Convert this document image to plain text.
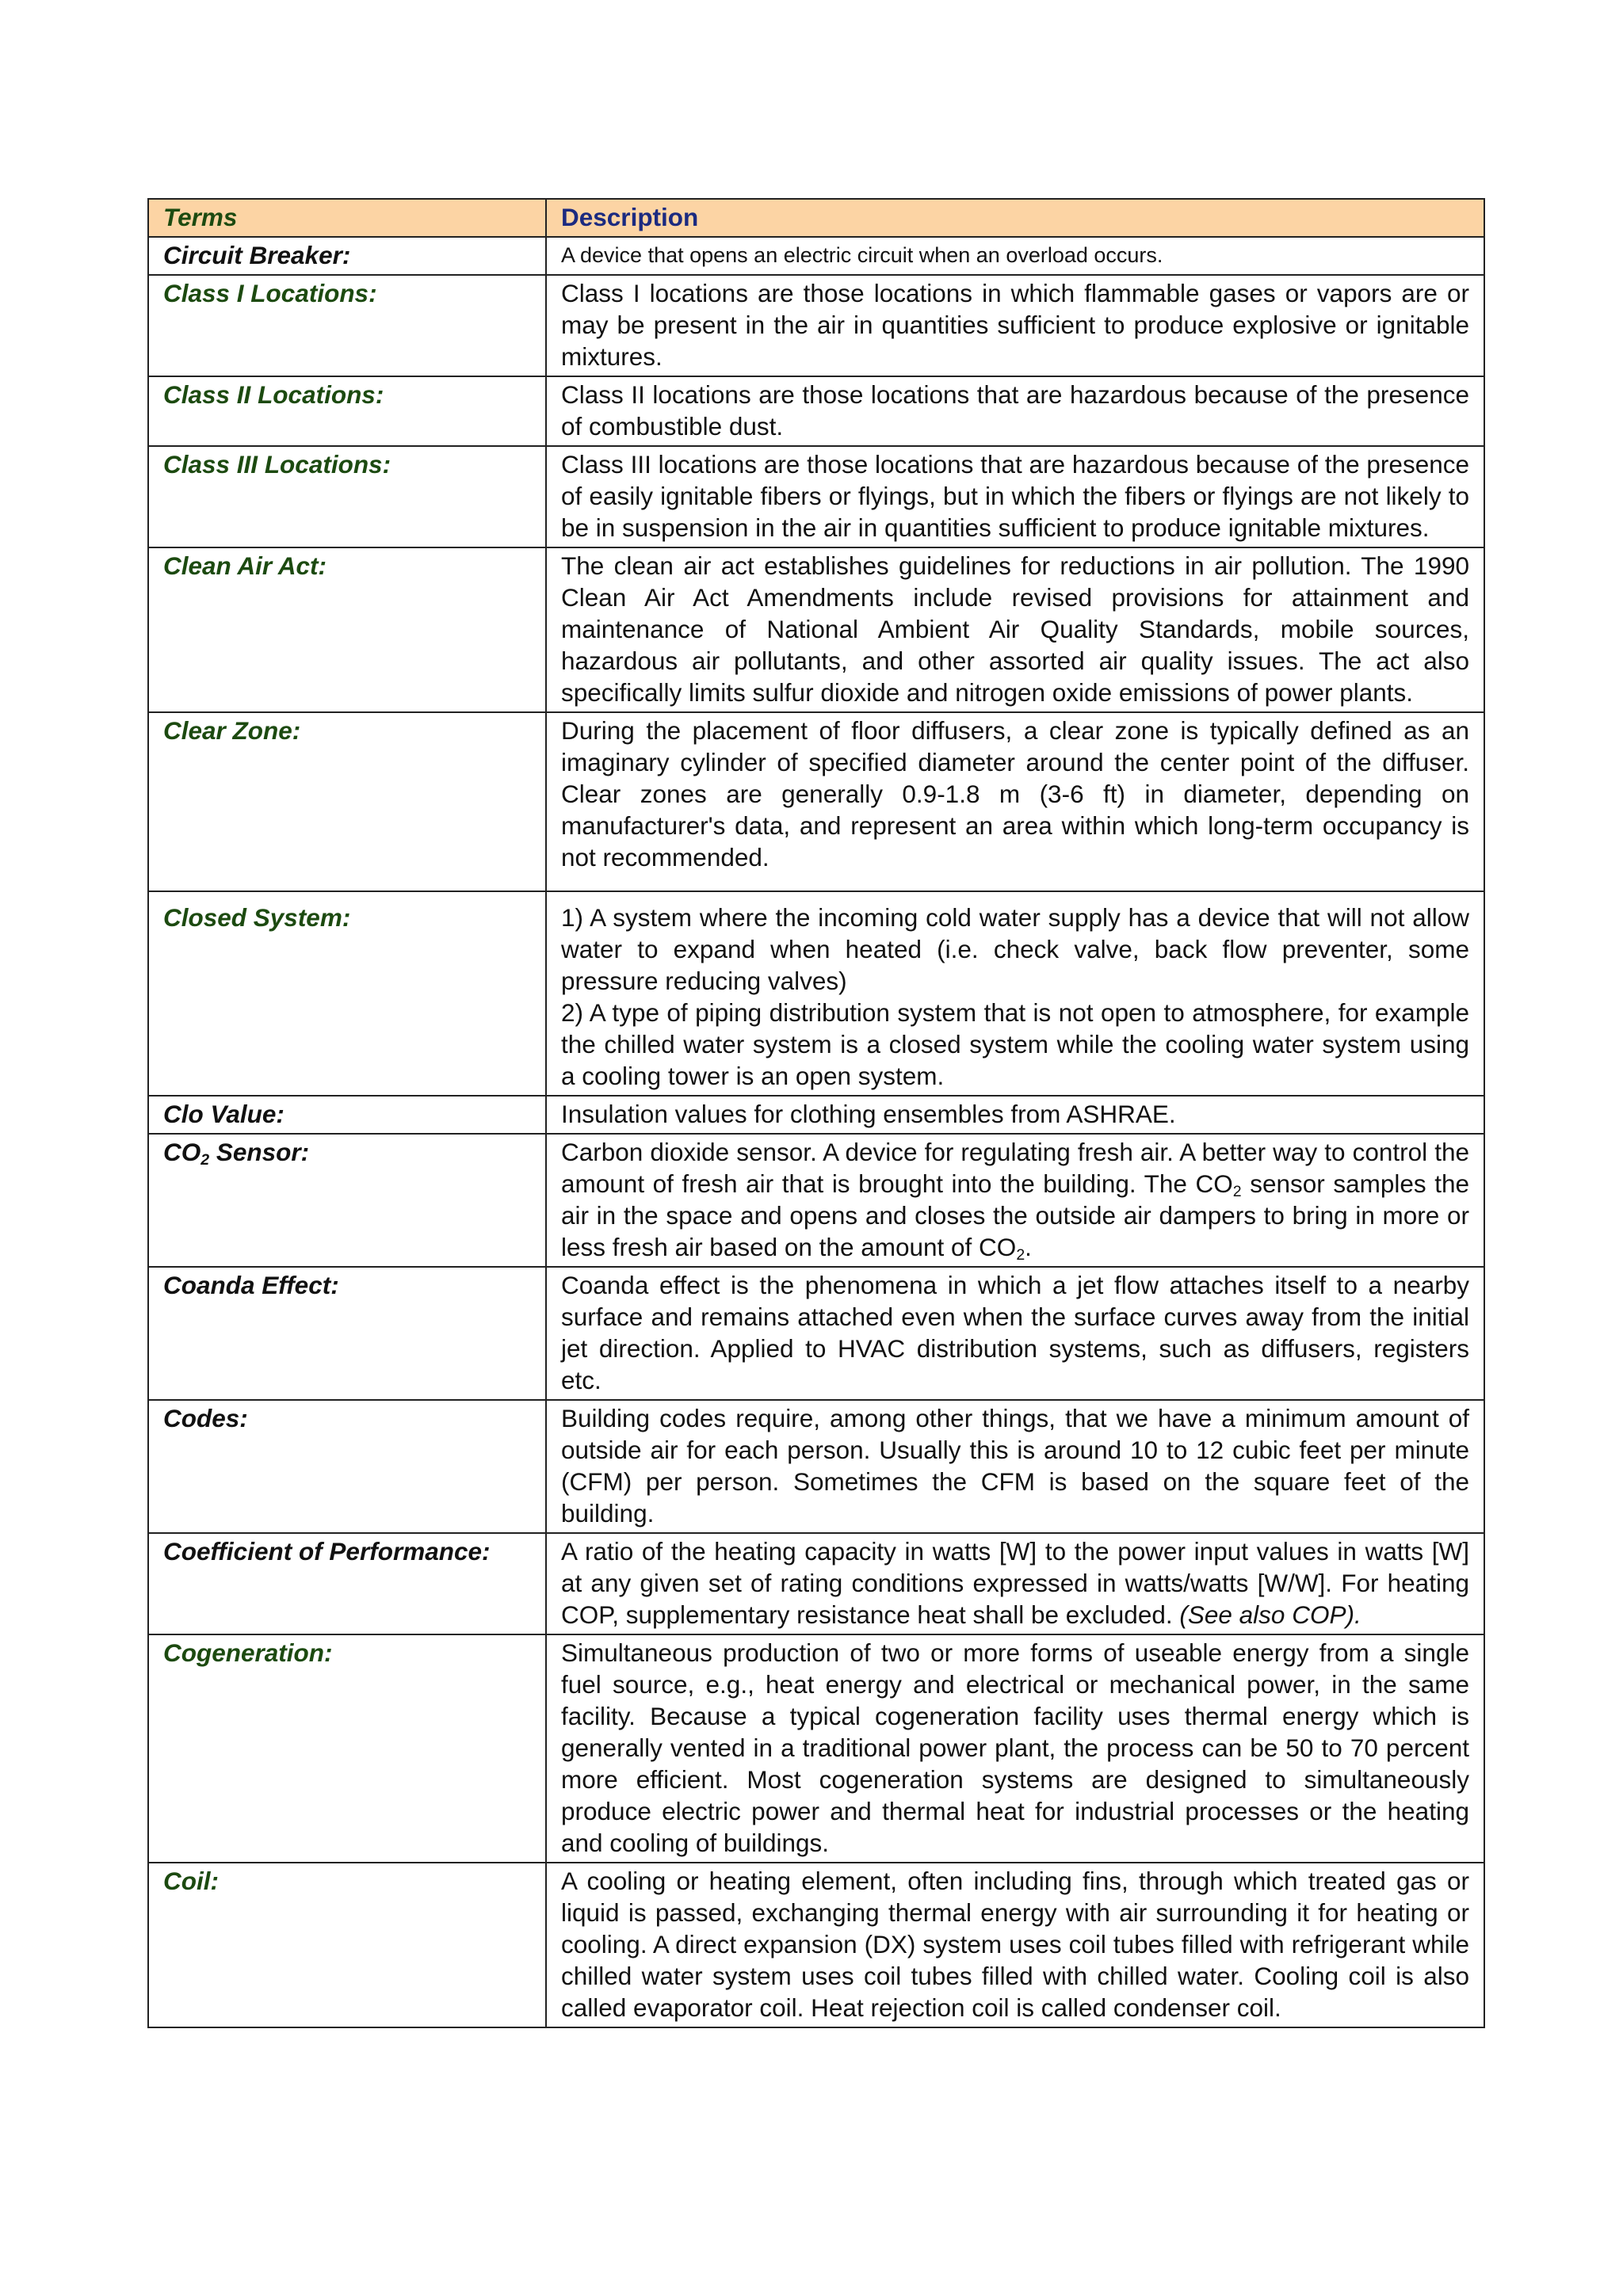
Terms	Description
Circuit Breaker:	A device that opens an electric circuit when an overload occurs.
Class I Locations:	Class I locations are those locations in which flammable gases or vapors are or may be present in the air in quantities sufficient to produce explosive or ignitable mixtures.
Class II Locations:	Class II locations are those locations that are hazardous because of the presence of combustible dust.
Class III Locations:	Class III locations are those locations that are hazardous because of the presence of easily ignitable fibers or flyings, but in which the fibers or flyings are not likely to be in suspension in the air in quantities sufficient to produce ignitable mixtures.
Clean Air Act:	The clean air act establishes guidelines for reductions in air pollution. The 1990 Clean Air Act Amendments include revised provisions for attainment and maintenance of National Ambient Air Quality Standards, mobile sources, hazardous air pollutants, and other assorted air quality issues. The act also specifically limits sulfur dioxide and nitrogen oxide emissions of power plants.
Clear Zone:	During the placement of floor diffusers, a clear zone is typically defined as an imaginary cylinder of specified diameter around the center point of the diffuser. Clear zones are generally 0.9-1.8 m (3-6 ft) in diameter, depending on manufacturer's data, and represent an area within which long-term occupancy is not recommended.
Closed System:	1) A system where the incoming cold water supply has a device that will not allow water to expand when heated (i.e. check valve, back flow preventer, some pressure reducing valves)
2) A type of piping distribution system that is not open to atmosphere, for example the chilled water system is a closed system while the cooling water system using a cooling tower is an open system.

Clo Value:	Insulation values for clothing ensembles from ASHRAE.
$CO_2$ Sensor:	Carbon dioxide sensor. A device for regulating fresh air. A better way to control the amount of fresh air that is brought into the building. The $CO_2$ sensor samples the air in the space and opens and closes the outside air dampers to bring in more or less fresh air based on the amount of $CO_2$.
Coanda Effect:	Coanda effect is the phenomena in which a jet flow attaches itself to a nearby surface and remains attached even when the surface curves away from the initial jet direction. Applied to HVAC distribution systems, such as diffusers, registers etc.
Codes:	Building codes require, among other things, that we have a minimum amount of outside air for each person. Usually this is around 10 to 12 cubic feet per minute (CFM) per person. Sometimes the CFM is based on the square feet of the building.
Coefficient of Performance:	A ratio of the heating capacity in watts [W] to the power input values in watts [W] at any given set of rating conditions expressed in watts/watts [W/W]. For heating COP, supplementary resistance heat shall be excluded. (See also COP).
Cogeneration:	Simultaneous production of two or more forms of useable energy from a single fuel source, e.g., heat energy and electrical or mechanical power, in the same facility. Because a typical cogeneration facility uses thermal energy which is generally vented in a traditional power plant, the process can be 50 to 70 percent more efficient. Most cogeneration systems are designed to simultaneously produce electric power and thermal heat for industrial processes or the heating and cooling of buildings.
Coil:	A cooling or heating element, often including fins, through which treated gas or liquid is passed, exchanging thermal energy with air surrounding it for heating or cooling. A direct expansion (DX) system uses coil tubes filled with refrigerant while chilled water system uses coil tubes filled with chilled water. Cooling coil is also called evaporator coil. Heat rejection coil is called condenser coil.
